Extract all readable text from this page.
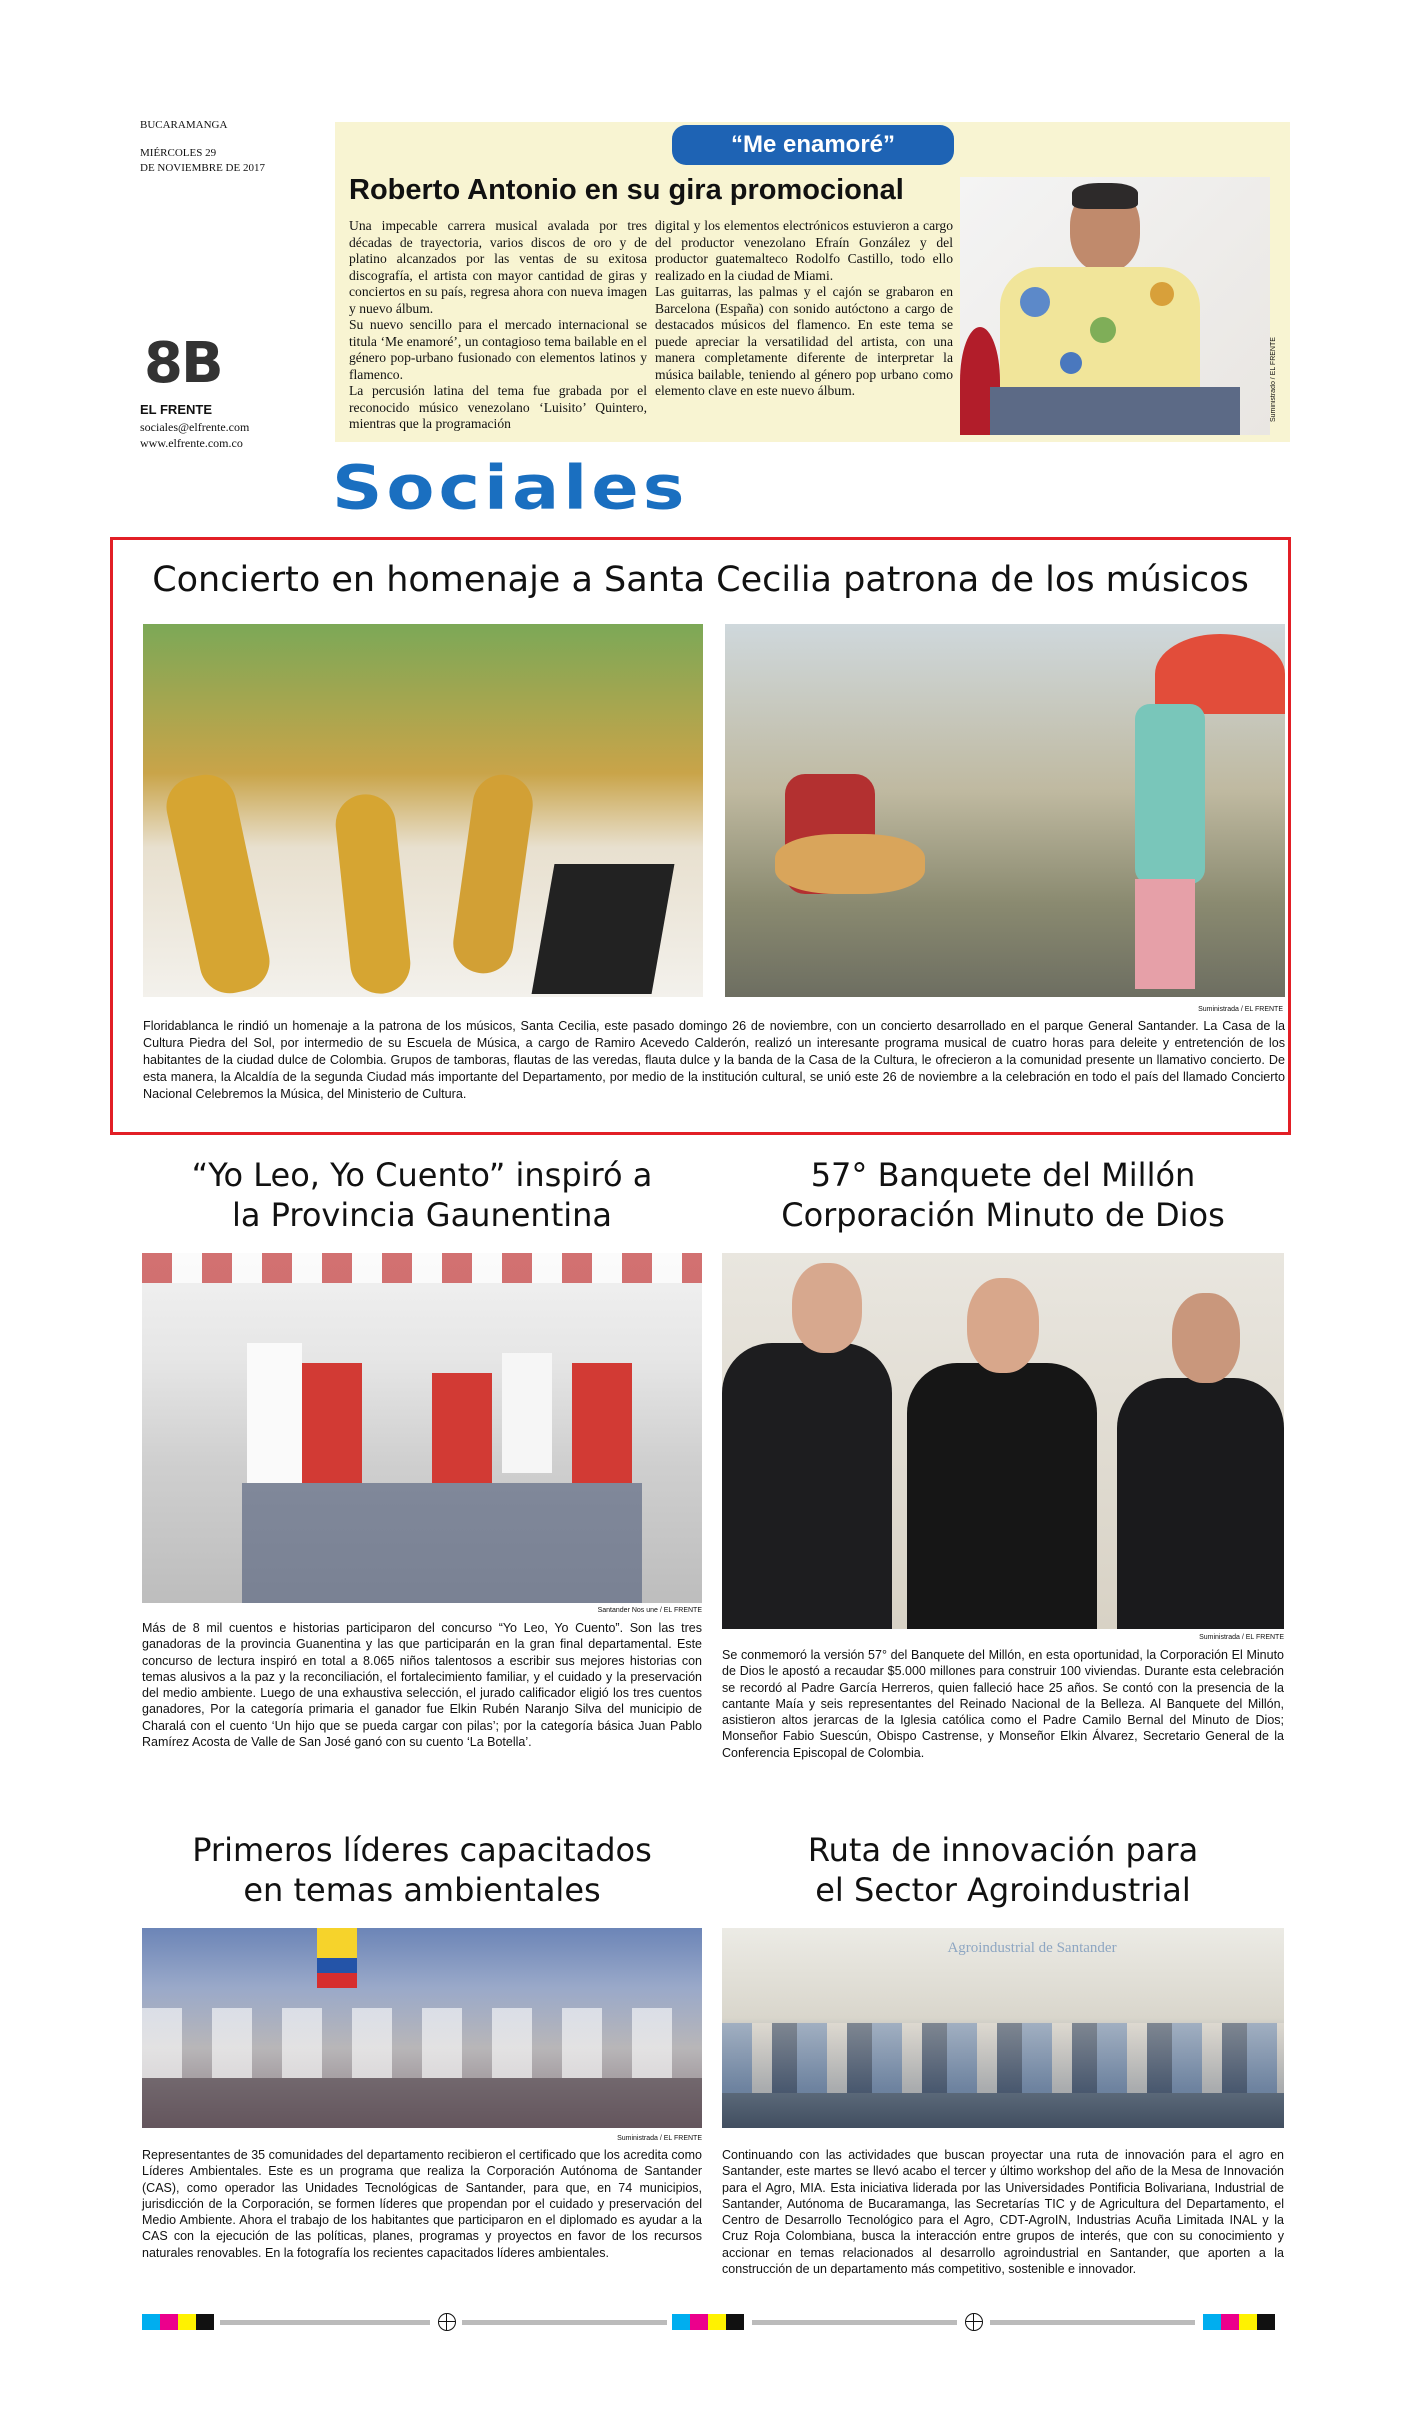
BUCARAMANGA
MIÉRCOLES 29
DE NOVIEMBRE DE 2017
8B
EL FRENTE
sociales@elfrente.com
www.elfrente.com.co
“Me enamoré”
Roberto Antonio en su gira promocional
Una impecable carrera musical avalada por tres décadas de trayectoria, varios discos de oro y de platino alcanzados por las ventas de su exitosa discografía, el artista con mayor cantidad de giras y conciertos en su país, regresa ahora con nueva imagen y nuevo álbum.
Su nuevo sencillo para el mercado internacional se titula ‘Me enamoré’, un contagioso tema bailable en el género pop-urbano fusionado con elementos latinos y flamenco.
La percusión latina del tema fue grabada por el reconocido músico venezolano ‘Luisito’ Quintero, mientras que la programación
digital y los elementos electrónicos estuvieron a cargo del productor venezolano Efraín González y del productor guatemalteco Rodolfo Castillo, todo ello realizado en la ciudad de Miami.
Las guitarras, las palmas y el cajón se grabaron en Barcelona (España) con sonido autóctono a cargo de destacados músicos del flamenco. En este tema se puede apreciar la versatilidad del artista, con una manera completamente diferente de interpretar la música bailable, teniendo al género pop urbano como elemento clave en este nuevo álbum.	Suministrado / EL FRENTE
Sociales
Concierto en homenaje a Santa Cecilia patrona de los músicos
Suministrada / EL FRENTE
Floridablanca le rindió un homenaje a la patrona de los músicos, Santa Cecilia, este pasado domingo 26 de noviembre, con un concierto desarrollado en el parque General Santander. La Casa de la Cultura Piedra del Sol, por intermedio de su Escuela de Música, a cargo de Ramiro Acevedo Calderón, realizó un interesante programa musical de cuatro horas para deleite y entretención de los habitantes de la ciudad dulce de Colombia. Grupos de tamboras, flautas de las veredas, flauta dulce y la banda de la Casa de la Cultura, le ofrecieron a la comunidad presente un llamativo concierto. De esta manera, la Alcaldía de la segunda Ciudad más importante del Departamento, por medio de la institución cultural, se unió este 26 de noviembre a la celebración en todo el país del llamado Concierto Nacional Celebremos la Música, del Ministerio de Cultura.
“Yo Leo, Yo Cuento” inspiró a
la Provincia Gaunentina
Santander Nos une / EL FRENTE
Más de 8 mil cuentos e historias participaron del concurso “Yo Leo, Yo Cuento”. Son las tres ganadoras de la provincia Guanentina y las que participarán en la gran final departamental. Este concurso de lectura inspiró en total a 8.065 niños talentosos a escribir sus mejores historias con temas alusivos a la paz y la reconciliación, el fortalecimiento familiar, y el cuidado y la preservación del medio ambiente. Luego de una exhaustiva selección, el jurado calificador eligió los tres cuentos ganadores, Por la categoría primaria el ganador fue Elkin Rubén Naranjo Silva del municipio de Charalá con el cuento ‘Un hijo que se pueda cargar con pilas’; por la categoría básica Juan Pablo Ramírez Acosta de Valle de San José ganó con su cuento ‘La Botella’.
57° Banquete del Millón
Corporación Minuto de Dios
Suministrada / EL FRENTE
Se conmemoró la versión 57° del Banquete del Millón, en esta oportunidad, la Corporación El Minuto de Dios le apostó a recaudar $5.000 millones para construir 100 viviendas. Durante esta celebración se recordó al Padre García Herreros, quien falleció hace 25 años. Se contó con la presencia de la cantante Maía y seis representantes del Reinado Nacional de la Belleza. Al Banquete del Millón, asistieron altos jerarcas de la Iglesia católica como el Padre Camilo Bernal del Minuto de Dios; Monseñor Fabio Suescún, Obispo Castrense, y Monseñor Elkin Álvarez, Secretario General de la Conferencia Episcopal de Colombia.
Primeros líderes capacitados
en temas ambientales
Suministrada / EL FRENTE
Representantes de 35 comunidades del departamento recibieron el certificado que los acredita como Líderes Ambientales. Este es un programa que realiza la Corporación Autónoma de Santander (CAS), como operador las Unidades Tecnológicas de Santander, para que, en 74 municipios, jurisdicción de la Corporación, se formen líderes que propendan por el cuidado y preservación del Medio Ambiente. Ahora el trabajo de los habitantes que participaron en el diplomado es ayudar a la CAS con la ejecución de las políticas, planes, programas y proyectos en favor de los recursos naturales renovables. En la fotografía los recientes capacitados líderes ambientales.
Ruta de innovación para
el Sector Agroindustrial
Agroindustrial de Santander
Continuando con las actividades que buscan proyectar una ruta de innovación para el agro en Santander, este martes se llevó acabo el tercer y último workshop del año de la Mesa de Innovación para el Agro, MIA. Esta iniciativa liderada por las Universidades Pontificia Bolivariana, Industrial de Santander, Autónoma de Bucaramanga, las Secretarías TIC y de Agricultura del Departamento, el Centro de Desarrollo Tecnológico para el Agro, CDT-AgroIN, Industrias Acuña Limitada INAL y la Cruz Roja Colombiana, busca la interacción entre grupos de interés, que con su conocimiento y accionar en temas relacionados al desarrollo agroindustrial en Santander, que aporten a la construcción de un departamento más competitivo, sostenible e innovador.
